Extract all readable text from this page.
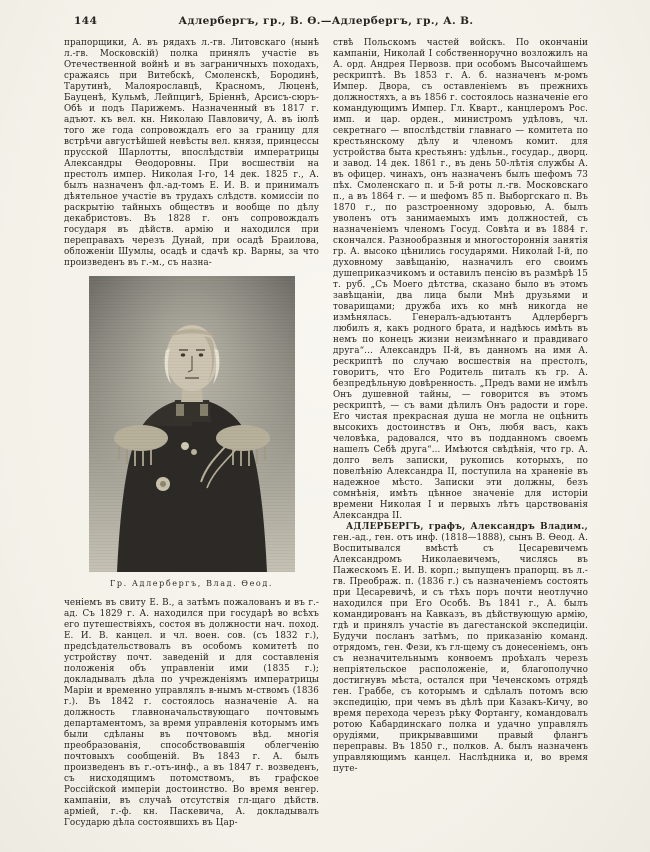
144	Адлербергъ, гр., В. Ѳ.—Адлербергъ, гр., А. В.

прапорщики, А. въ рядахъ л.-гв. Литовскаго (нынѣ л.-гв. Московскій) полка принялъ участіе въ Отечественной войнѣ и въ заграничныхъ походахъ, сражаясь при Витебскѣ, Смоленскѣ, Бородинѣ, Тарутинѣ, Малоярославцѣ, Красномъ, Люценѣ, Бауценѣ, Кульмѣ, Лейпцигѣ, Бріеннѣ, Арсисъ-сюръ-Обѣ и подъ Парижемъ. Назначенный въ 1817 г. адъют. къ вел. кн. Николаю Павловичу, А. въ іюлѣ того же года сопровождалъ его за границу для встрѣчи августѣйшей невѣсты вел. князя, принцессы прусской Шарлотты, впослѣдствіи императрицы Александры Ѳеодоровны. При восшествіи на престолъ импер. Николая I-го, 14 дек. 1825 г., А. былъ назначенъ фл.-ад-томъ Е. И. В. и принималъ дѣятельное участіе въ трудахъ слѣдств. комиссіи по раскрытію тайныхъ обществъ и вообще по дѣлу декабристовъ. Въ 1828 г. онъ сопровождалъ государя въ дѣйств. армію и находился при переправахъ черезъ Дунай, при осадѣ Браилова, обложеніи Шумлы, осадѣ и сдачѣ кр. Варны, за что произведенъ въ г.-м., съ назна-

Гр. Адлербергъ, Влад. Ѳеод.

ченіемъ въ свиту Е. В., а затѣмъ пожалованъ и въ г.-ад. Съ 1829 г. А. находился при государѣ во всѣхъ его путешествіяхъ, состоя въ должности нач. поход. Е. И. В. канцел. и чл. воен. сов. (съ 1832 г.), предсѣдательствовалъ въ особомъ комитетѣ по устройству почт. заведеній и для составленія положенія объ управленіи ими (1835 г.); докладывалъ дѣла по учрежденіямъ императрицы Маріи и временно управлялъ в-нымъ м-ствомъ (1836 г.). Въ 1842 г. состоялось назначеніе А. на должность главноначальствующаго почтовымъ департаментомъ, за время управленія которымъ имъ были сдѣланы въ почтовомъ вѣд. многія преобразованія, способствовавшія облегченію почтовыхъ сообщеній. Въ 1843 г. А. былъ произведенъ въ г.-отъ-инф., а въ 1847 г. возведенъ, съ нисходящимъ потомствомъ, въ графское Россійской имперіи достоинство. Во время венгер. кампаніи, въ случаѣ отсутствія гл-щаго дѣйств. арміей, г.-ф. кн. Паскевича, А. докладывалъ Государю дѣла состоявшихъ въ Цар-

ствѣ Польскомъ частей войскъ. По окончаніи кампаніи, Николай I собственноручно возложилъ на А. орд. Андрея Первозв. при особомъ Высочайшемъ рескриптѣ. Въ 1853 г. А. б. назначенъ м-ромъ Импер. Двора, съ оставленіемъ въ прежнихъ должностяхъ, а въ 1856 г. состоялось назначеніе его командующимъ Импер. Гл. Кварт., канцлеромъ Рос. имп. и цар. орден., министромъ удѣловъ, чл. секретнаго — впослѣдствіи главнаго — комитета по крестьянскому дѣлу и членомъ комит. для устройства быта крестьянъ: удѣльн., государ., дворц. и завод. 14 дек. 1861 г., въ день 50-лѣтія службы А. въ офицер. чинахъ, онъ назначенъ былъ шефомъ 73 пѣх. Смоленскаго п. и 5-й роты л.-гв. Московскаго п., а въ 1864 г. — и шефомъ 85 п. Выборгскаго п. Въ 1870 г., по разстроенному здоровью, А. былъ уволенъ отъ занимаемыхъ имъ должностей, съ назначеніемъ членомъ Госуд. Совѣта и въ 1884 г. скончался. Разнообразныя и многостороннія занятія гр. А. высоко цѣнились государями. Николай I-й, по духовному завѣщанію, назначилъ его своимъ душеприказчикомъ и оставилъ пенсію въ размѣрѣ 15 т. руб. „Съ Моего дѣтства, сказано было въ этомъ завѣщаніи, два лица были Мнѣ друзьями и товарищами; дружба ихъ ко мнѣ никогда не измѣнялась. Генералъ-адъютантъ Адлербергъ любилъ я, какъ родного брата, и надѣюсь имѣть въ немъ по конецъ жизни неизмѣннаго и правдиваго друга“... Александръ II-й, въ данномъ на имя А. рескриптѣ по случаю восшествія на престолъ, говоритъ, что Его Родитель питалъ къ гр. А. безпредѣльную довѣренность. „Предъ вами не имѣлъ Онъ душевной тайны, — говорится въ этомъ рескриптѣ, — съ вами дѣлилъ Онъ радости и горе. Его чистая прекрасная душа не могла не оцѣнить высокихъ достоинствъ и Онъ, любя васъ, какъ человѣка, радовался, что въ подданномъ своемъ нашелъ Себѣ друга“... Имѣются свѣдѣнія, что гр. А. долго велъ записки, рукопись которыхъ, по повелѣнію Александра II, поступила на храненіе въ надежное мѣсто. Записки эти должны, безъ сомнѣнія, имѣть цѣнное значеніе для исторіи времени Николая I и первыхъ лѣтъ царствованія Александра II.

АДЛЕРБЕРГЪ, графъ, Александръ Владим., ген.-ад., ген. отъ инф. (1818—1888), сынъ В. Ѳеод. А. Воспитывался вмѣстѣ съ Цесаревичемъ Александромъ Николаевичемъ, числясь въ Пажескомъ Е. И. В. корп.; выпущенъ прапорщ. въ л.-гв. Преображ. п. (1836 г.) съ назначеніемъ состоять при Цесаревичѣ, и съ тѣхъ поръ почти неотлучно находился при Его Особѣ. Въ 1841 г., А. былъ командированъ на Кавказъ, въ дѣйствующую армію, гдѣ и принялъ участіе въ дагестанской экспедиціи. Будучи посланъ затѣмъ, по приказанію команд. отрядомъ, ген. Фези, къ гл-щему съ донесеніемъ, онъ съ незначительнымъ конвоемъ проѣхалъ черезъ непріятельское расположеніе, и, благополучно достигнувъ мѣста, остался при Чеченскомъ отрядѣ ген. Граббе, съ которымъ и сдѣлалъ потомъ всю экспедицію, при чемъ въ дѣлѣ при Казакъ-Кичу, во время перехода черезъ рѣку Фортангу, командовалъ ротою Кабардинскаго полка и удачно управлялъ орудіями, прикрывавшими правый флангъ переправы. Въ 1850 г., полков. А. былъ назначенъ управляющимъ канцел. Наслѣдника и, во время путе-
